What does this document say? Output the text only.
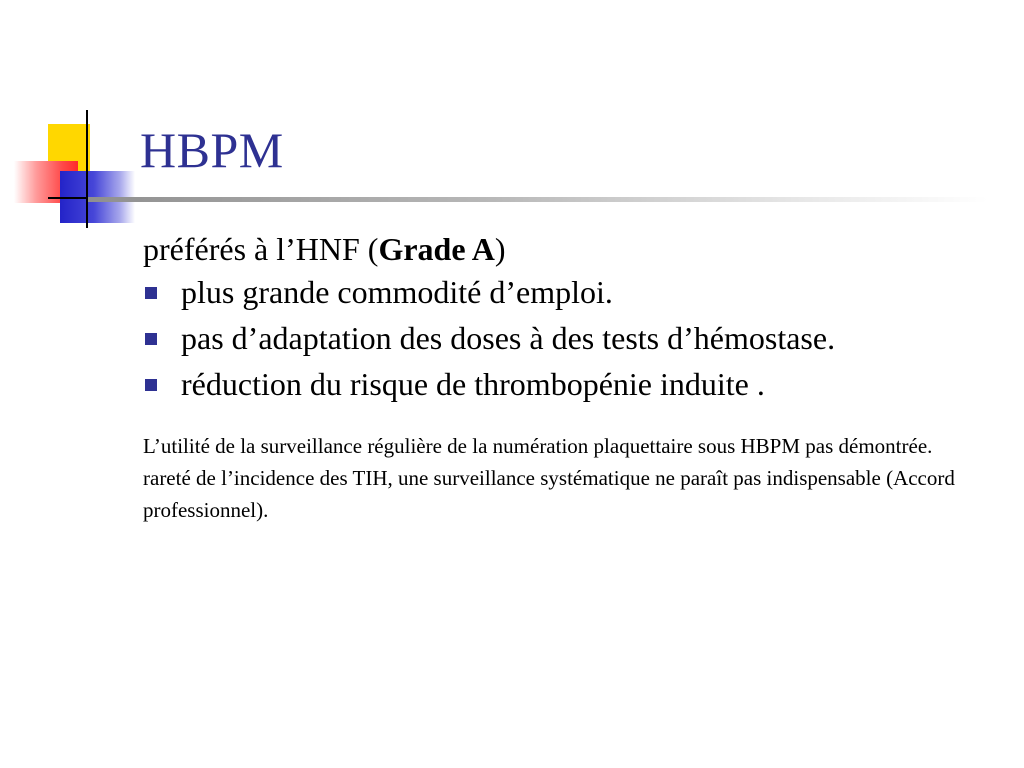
HBPM

préférés à l’HNF (Grade A)

plus grande commodité d’emploi.
pas d’adaptation des doses à des tests d’hémostase.
réduction du risque de thrombopénie induite .

L’utilité de la surveillance régulière de la numération plaquettaire sous HBPM pas démontrée.

rareté de l’incidence des TIH, une surveillance systématique ne paraît pas indispensable (Accord professionnel).
